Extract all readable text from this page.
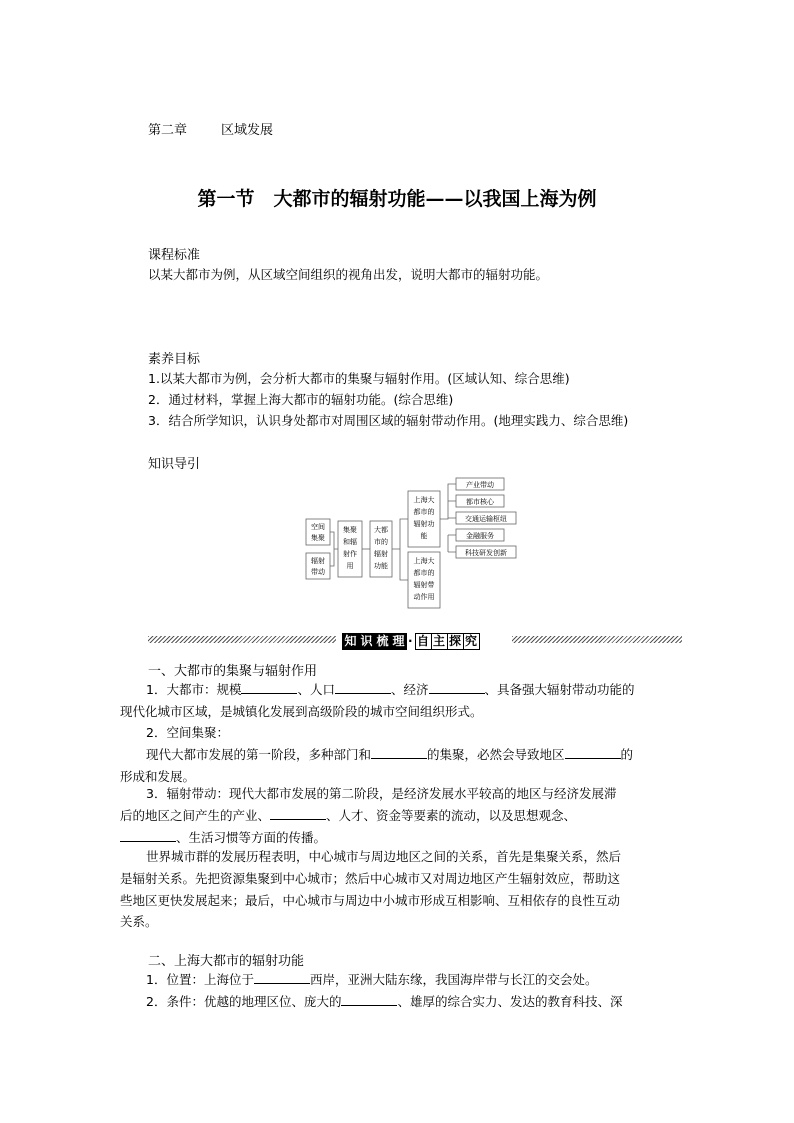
第二章	区域发展
第一节　大都市的辐射功能——以我国上海为例
课程标准
以某大都市为例，从区域空间组织的视角出发，说明大都市的辐射功能。
素养目标
1.以某大都市为例，会分析大都市的集聚与辐射作用。(区域认知、综合思维)
2．通过材料，掌握上海大都市的辐射功能。(综合思维)
3．结合所学知识，认识身处都市对周围区域的辐射带动作用。(地理实践力、综合思维)
知识导引
空间
集聚
辐射
带动
集聚
和辐
射作
用
大都
市的
辐射
功能
上海大
都市的
辐射功
能
上海大
都市的
辐射带
动作用
产业带动
都市核心
交通运输枢纽
金融服务
科技研发创新
知 识 梳 理 · 自 主 探 究
一、大都市的集聚与辐射作用
1．大都市：规模	、人口	、经济	、具备强大辐射带动功能的
现代化城市区域，是城镇化发展到高级阶段的城市空间组织形式。
2．空间集聚：
现代大都市发展的第一阶段，多种部门和	的集聚，必然会导致地区	的
形成和发展。
3．辐射带动：现代大都市发展的第二阶段，是经济发展水平较高的地区与经济发展滞
后的地区之间产生的产业、	、人才、资金等要素的流动，以及思想观念、
、生活习惯等方面的传播。
世界城市群的发展历程表明，中心城市与周边地区之间的关系，首先是集聚关系，然后
是辐射关系。先把资源集聚到中心城市；然后中心城市又对周边地区产生辐射效应，帮助这
些地区更快发展起来；最后，中心城市与周边中小城市形成互相影响、互相依存的良性互动
关系。
二、上海大都市的辐射功能
1．位置：上海位于	西岸，亚洲大陆东缘，我国海岸带与长江的交会处。
2．条件：优越的地理区位、庞大的	、雄厚的综合实力、发达的教育科技、深
